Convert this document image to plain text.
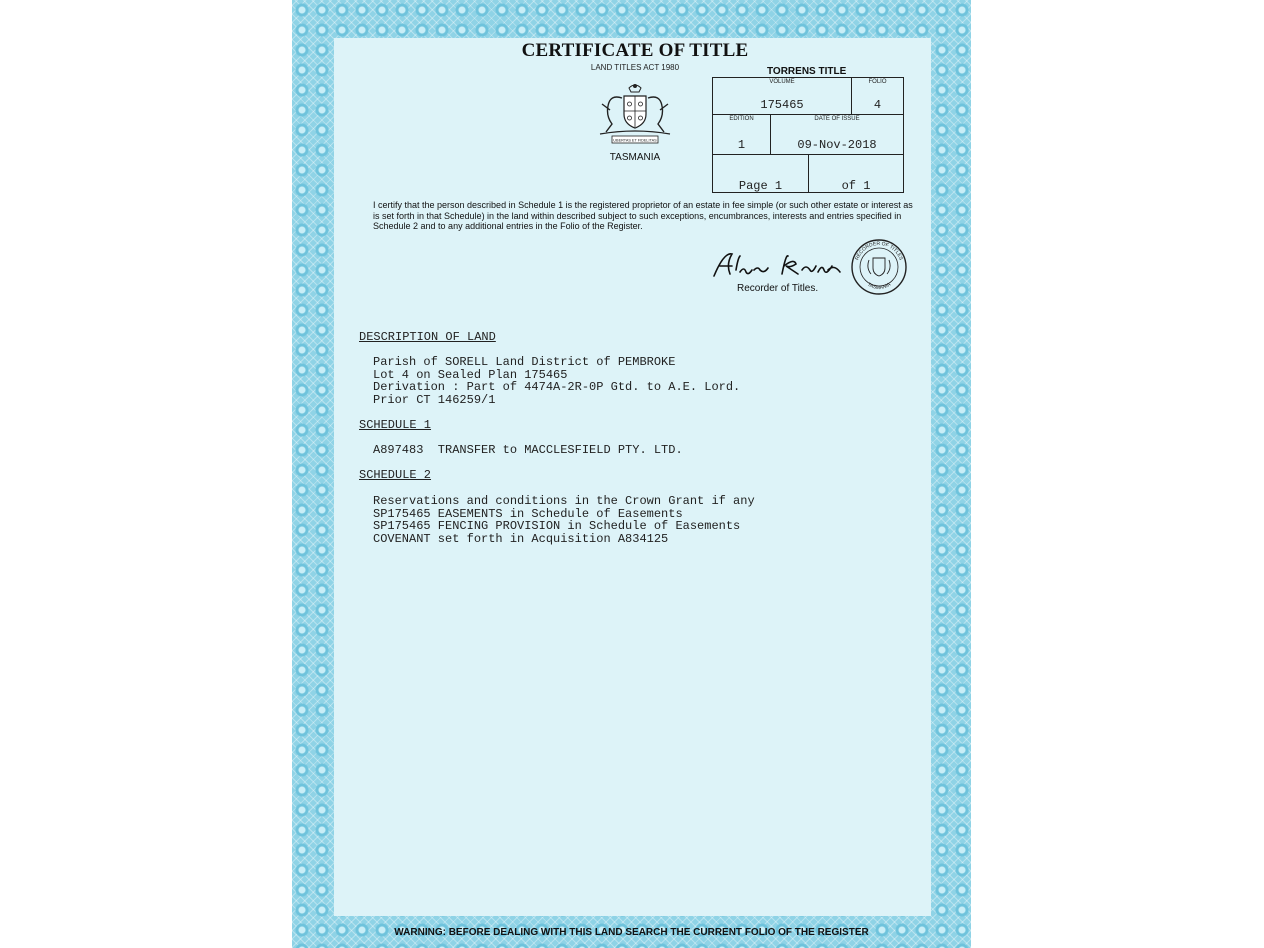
CERTIFICATE OF TITLE
LAND TITLES ACT 1980
UBERTAS ET FIDELITAS
TASMANIA
TORRENS TITLE
VOLUME
175465
FOLIO
4
EDITION
1
DATE OF ISSUE
09-Nov-2018
Page 1	of 1
I certify that the person described in Schedule 1 is the registered proprietor of an estate in fee simple (or such other estate or interest as is set forth in that Schedule) in the land within described subject to such exceptions, encumbrances, interests and entries specified in Schedule 2 and to any additional entries in the Folio of the Register.
Recorder of Titles.
RECORDER OF TITLES
TASMANIA
DESCRIPTION OF LAND
Parish of SORELL Land District of PEMBROKE
Lot 4 on Sealed Plan 175465
Derivation : Part of 4474A-2R-0P Gtd. to A.E. Lord.
Prior CT 146259/1
SCHEDULE 1
A897483  TRANSFER to MACCLESFIELD PTY. LTD.
SCHEDULE 2
Reservations and conditions in the Crown Grant if any
SP175465 EASEMENTS in Schedule of Easements
SP175465 FENCING PROVISION in Schedule of Easements
COVENANT set forth in Acquisition A834125
WARNING: BEFORE DEALING WITH THIS LAND SEARCH THE CURRENT FOLIO OF THE REGISTER
